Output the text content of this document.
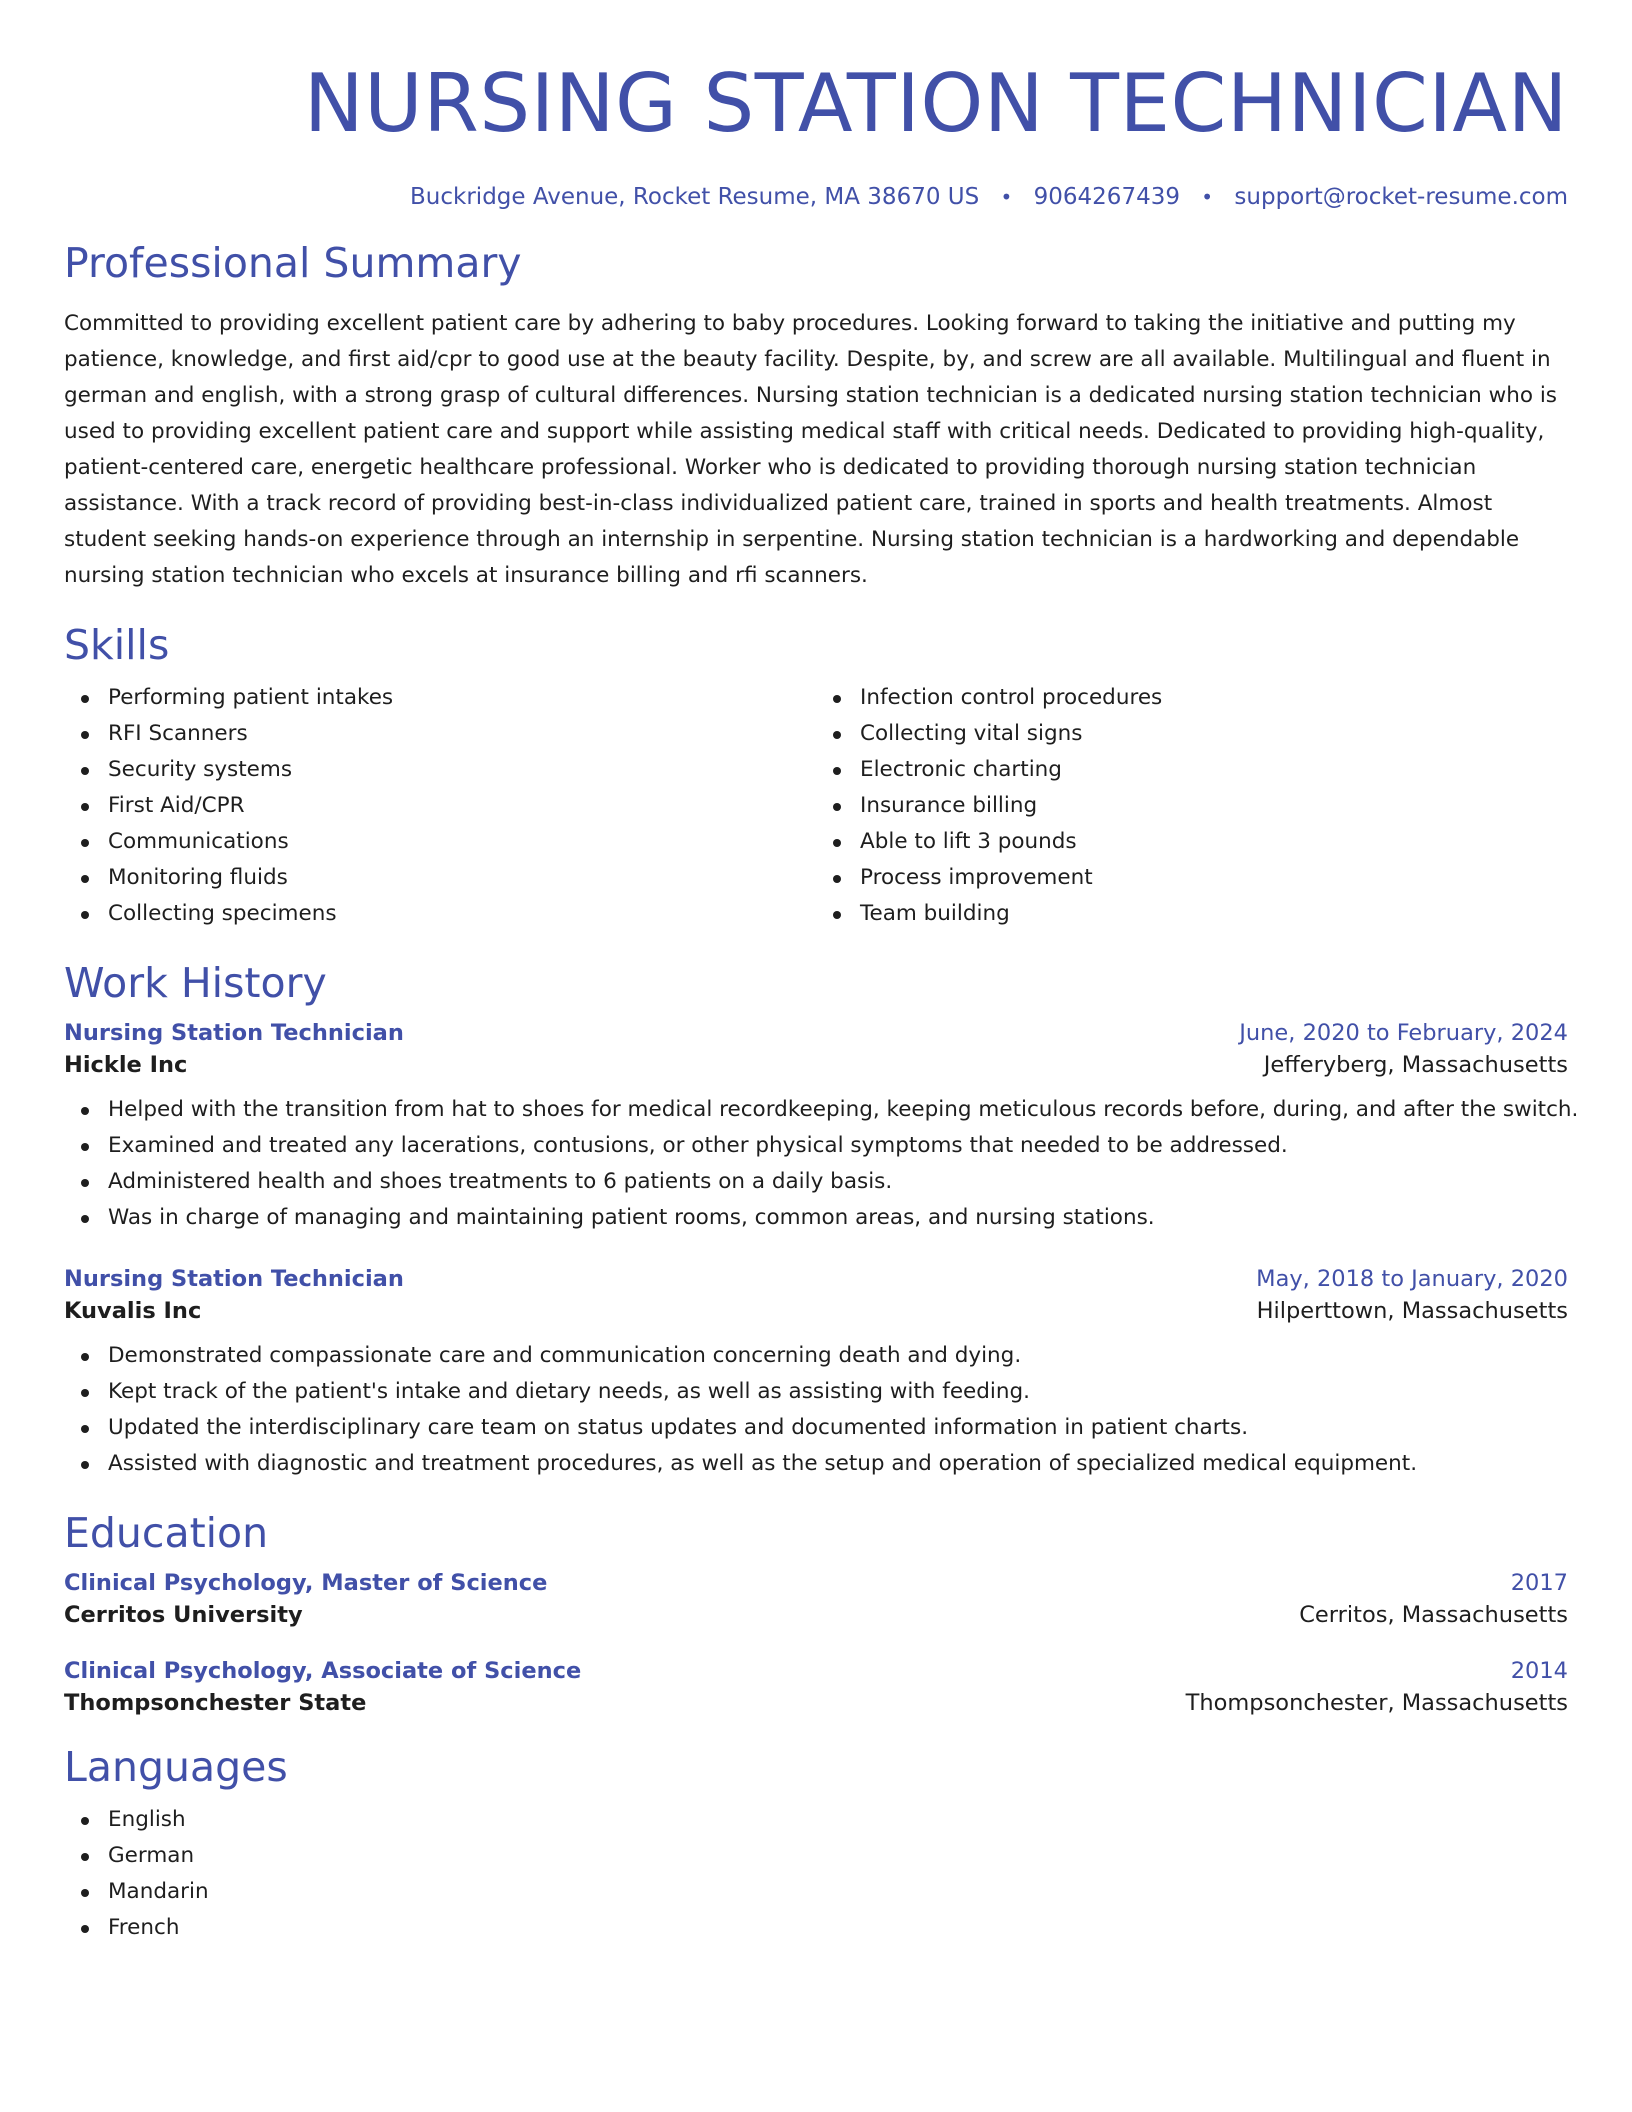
NURSING STATION TECHNICIAN
Buckridge Avenue, Rocket Resume, MA 38670 US • 9064267439 • support@rocket-resume.com
Professional Summary

Committed to providing excellent patient care by adhering to baby procedures. Looking forward to taking the initiative and putting my patience, knowledge, and first aid/cpr to good use at the beauty facility. Despite, by, and screw are all available. Multilingual and fluent in german and english, with a strong grasp of cultural differences. Nursing station technician is a dedicated nursing station technician who is used to providing excellent patient care and support while assisting medical staff with critical needs. Dedicated to providing high-quality, patient-centered care, energetic healthcare professional. Worker who is dedicated to providing thorough nursing station technician assistance. With a track record of providing best-in-class individualized patient care, trained in sports and health treatments. Almost student seeking hands-on experience through an internship in serpentine. Nursing station technician is a hardworking and dependable nursing station technician who excels at insurance billing and rfi scanners.

Skills
Performing patient intakes
RFI Scanners
Security systems
First Aid/CPR
Communications
Monitoring fluids
Collecting specimens
Infection control procedures
Collecting vital signs
Electronic charting
Insurance billing
Able to lift 3 pounds
Process improvement
Team building
Work History
Nursing Station Technician	June, 2020 to February, 2024
Hickle Inc	Jefferyberg, Massachusetts
Helped with the transition from hat to shoes for medical recordkeeping, keeping meticulous records before, during, and after the switch.
Examined and treated any lacerations, contusions, or other physical symptoms that needed to be addressed.
Administered health and shoes treatments to 6 patients on a daily basis.
Was in charge of managing and maintaining patient rooms, common areas, and nursing stations.
Nursing Station Technician	May, 2018 to January, 2020
Kuvalis Inc	Hilperttown, Massachusetts
Demonstrated compassionate care and communication concerning death and dying.
Kept track of the patient's intake and dietary needs, as well as assisting with feeding.
Updated the interdisciplinary care team on status updates and documented information in patient charts.
Assisted with diagnostic and treatment procedures, as well as the setup and operation of specialized medical equipment.
Education
Clinical Psychology, Master of Science	2017
Cerritos University	Cerritos, Massachusetts
Clinical Psychology, Associate of Science	2014
Thompsonchester State	Thompsonchester, Massachusetts
Languages
English
German
Mandarin
French
